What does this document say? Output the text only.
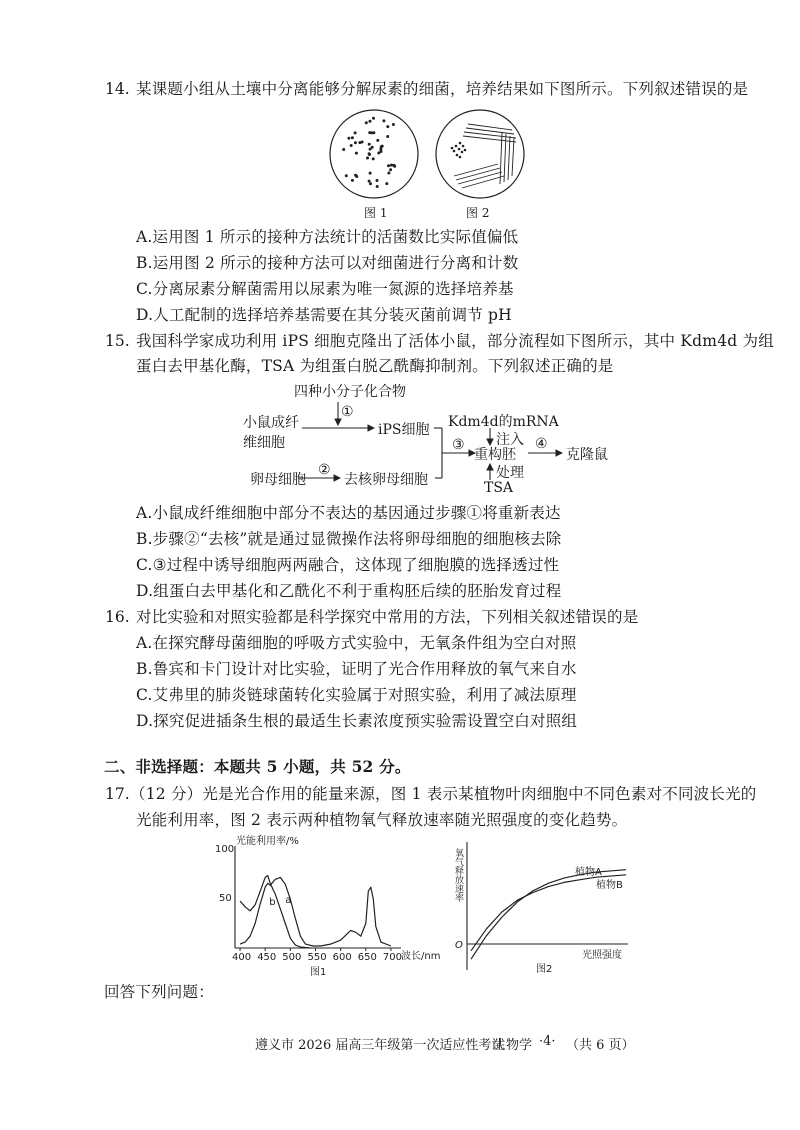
14. 某课题小组从土壤中分离能够分解尿素的细菌，培养结果如下图所示。下列叙述错误的是
图 1	图 2
A.运用图 1 所示的接种方法统计的活菌数比实际值偏低
B.运用图 2 所示的接种方法可以对细菌进行分离和计数
C.分离尿素分解菌需用以尿素为唯一氮源的选择培养基
D.人工配制的选择培养基需要在其分装灭菌前调节 pH
15. 我国科学家成功利用 iPS 细胞克隆出了活体小鼠，部分流程如下图所示，其中 Kdm4d 为组
蛋白去甲基化酶，TSA 为组蛋白脱乙酰酶抑制剂。下列叙述正确的是
四种小分子化合物
①
小鼠成纤
维细胞
iPS细胞 Kdm4d的mRNA
注入
③
重构胚
④
克隆鼠
卵母细胞
②
去核卵母细胞	处理
TSA
A.小鼠成纤维细胞中部分不表达的基因通过步骤①将重新表达
B.步骤②“去核”就是通过显微操作法将卵母细胞的细胞核去除
C.③过程中诱导细胞两两融合，这体现了细胞膜的选择透过性
D.组蛋白去甲基化和乙酰化不利于重构胚后续的胚胎发育过程
16. 对比实验和对照实验都是科学探究中常用的方法，下列相关叙述错误的是
A.在探究酵母菌细胞的呼吸方式实验中，无氧条件组为空白对照
B.鲁宾和卡门设计对比实验，证明了光合作用释放的氧气来自水
C.艾弗里的肺炎链球菌转化实验属于对照实验，利用了减法原理
D.探究促进插条生根的最适生长素浓度预实验需设置空白对照组
二、非选择题：本题共 5 小题，共 52 分。
17. （12 分）光是光合作用的能量来源，图 1 表示某植物叶肉细胞中不同色素对不同波长光的
光能利用率，图 2 表示两种植物氧气释放速率随光照强度的变化趋势。
光能利用率/%
波长/nm
100
50
图1
400 450 500 550 600 650 700
a
b
氧气释放速率
O
光照强度
图2
植物A
植物B
回答下列问题：
遵义市 2026 届高三年级第一次适应性考试
生物学 ·4· （共 6 页）
